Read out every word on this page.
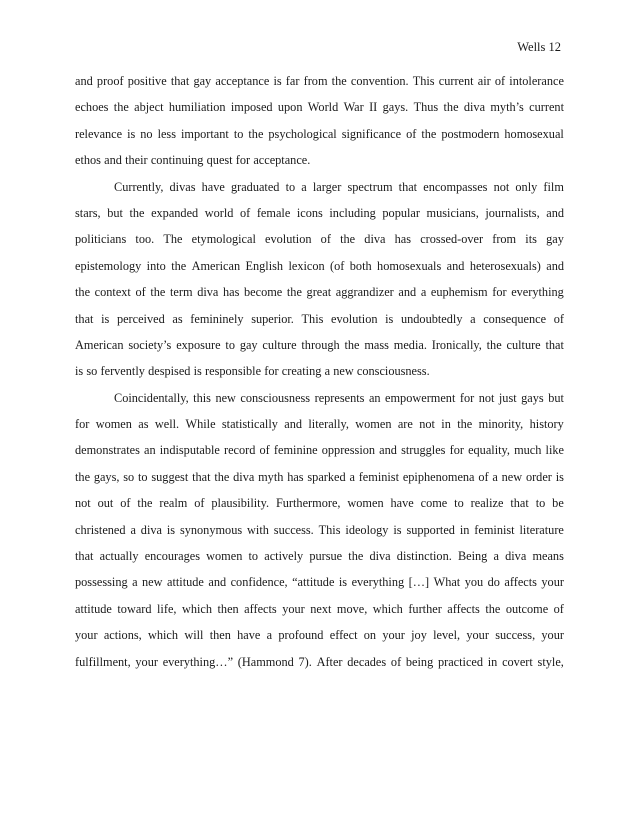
Wells 12
and proof positive that gay acceptance is far from the convention. This current air of intolerance
echoes the abject humiliation imposed upon World War II gays. Thus the diva myth’s current
relevance is no less important to the psychological significance of the postmodern homosexual
ethos and their continuing quest for acceptance.
Currently, divas have graduated to a larger spectrum that encompasses not only film
stars, but the expanded world of female icons including popular musicians, journalists, and
politicians too. The etymological evolution of the diva has crossed-over from its gay
epistemology into the American English lexicon (of both homosexuals and heterosexuals) and
the context of the term diva has become the great aggrandizer and a euphemism for everything
that is perceived as femininely superior. This evolution is undoubtedly a consequence of
American society’s exposure to gay culture through the mass media. Ironically, the culture that
is so fervently despised is responsible for creating a new consciousness.
Coincidentally, this new consciousness represents an empowerment for not just gays but
for women as well. While statistically and literally, women are not in the minority, history
demonstrates an indisputable record of feminine oppression and struggles for equality, much like
the gays, so to suggest that the diva myth has sparked a feminist epiphenomena of a new order is
not out of the realm of plausibility. Furthermore, women have come to realize that to be
christened a diva is synonymous with success. This ideology is supported in feminist literature
that actually encourages women to actively pursue the diva distinction. Being a diva means
possessing a new attitude and confidence, “attitude is everything […] What you do affects your
attitude toward life, which then affects your next move, which further affects the outcome of
your actions, which will then have a profound effect on your joy level, your success, your
fulfillment, your everything…” (Hammond 7). After decades of being practiced in covert style,
